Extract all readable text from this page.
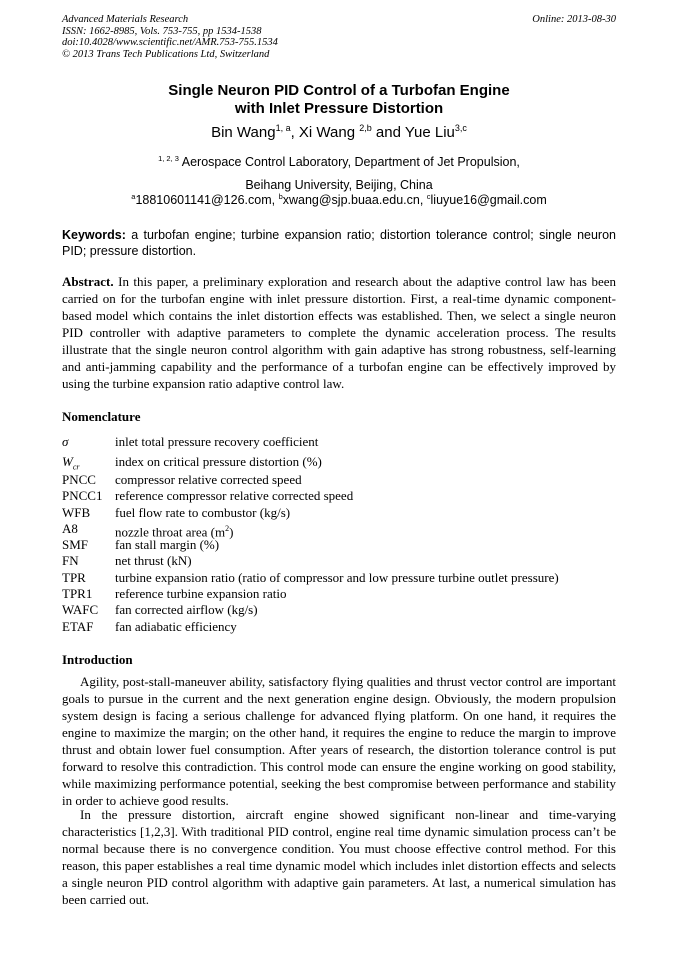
Advanced Materials Research
ISSN: 1662-8985, Vols. 753-755, pp 1534-1538
doi:10.4028/www.scientific.net/AMR.753-755.1534
© 2013 Trans Tech Publications Ltd, Switzerland
Online: 2013-08-30
Single Neuron PID Control of a Turbofan Engine
with Inlet Pressure Distortion
Bin Wang$^{1, a}$, Xi Wang $^{2,b}$ and Yue Liu$^{3,c}$
$^{1, 2, 3}$ Aerospace Control Laboratory, Department of Jet Propulsion,
Beihang University, Beijing, China
$^a$18810601141@126.com, $^b$xwang@sjp.buaa.edu.cn, $^c$liuyue16@gmail.com
Keywords: a turbofan engine; turbine expansion ratio; distortion tolerance control; single neuron PID; pressure distortion.
Abstract. In this paper, a preliminary exploration and research about the adaptive control law has been carried on for the turbofan engine with inlet pressure distortion. First, a real-time dynamic component-based model which contains the inlet distortion effects was established. Then, we select a single neuron PID controller with adaptive parameters to complete the dynamic acceleration process. The results illustrate that the single neuron control algorithm with gain adaptive has strong robustness, self-learning and anti-jamming capability and the performance of a turbofan engine can be effectively improved by using the turbine expansion ratio adaptive control law.
Nomenclature
σ	inlet total pressure recovery coefficient
$W_{cr}$	index on critical pressure distortion (%)
PNCC	compressor relative corrected speed
PNCC1 reference compressor relative corrected speed
WFB	fuel flow rate to combustor (kg/s)
A8	nozzle throat area $(m^2)$
SMF	fan stall margin (%)
FN	net thrust (kN)
TPR	turbine expansion ratio (ratio of compressor and low pressure turbine outlet pressure)
TPR1	reference turbine expansion ratio
WAFC	fan corrected airflow (kg/s)
ETAF	fan adiabatic efficiency
Introduction
Agility, post-stall-maneuver ability, satisfactory flying qualities and thrust vector control are important goals to pursue in the current and the next generation engine design. Obviously, the modern propulsion system design is facing a serious challenge for advanced flying platform. On one hand, it requires the engine to maximize the margin; on the other hand, it requires the engine to reduce the margin to improve thrust and obtain lower fuel consumption. After years of research, the distortion tolerance control is put forward to resolve this contradiction. This control mode can ensure the engine working on good stability, while maximizing performance potential, seeking the best compromise between performance and stability in order to achieve good results.
In the pressure distortion, aircraft engine showed significant non-linear and time-varying characteristics [1,2,3]. With traditional PID control, engine real time dynamic simulation process can’t be normal because there is no convergence condition. You must choose effective control method. For this reason, this paper establishes a real time dynamic model which includes inlet distortion effects and selects a single neuron PID control algorithm with adaptive gain parameters. At last, a numerical simulation has been carried out.
